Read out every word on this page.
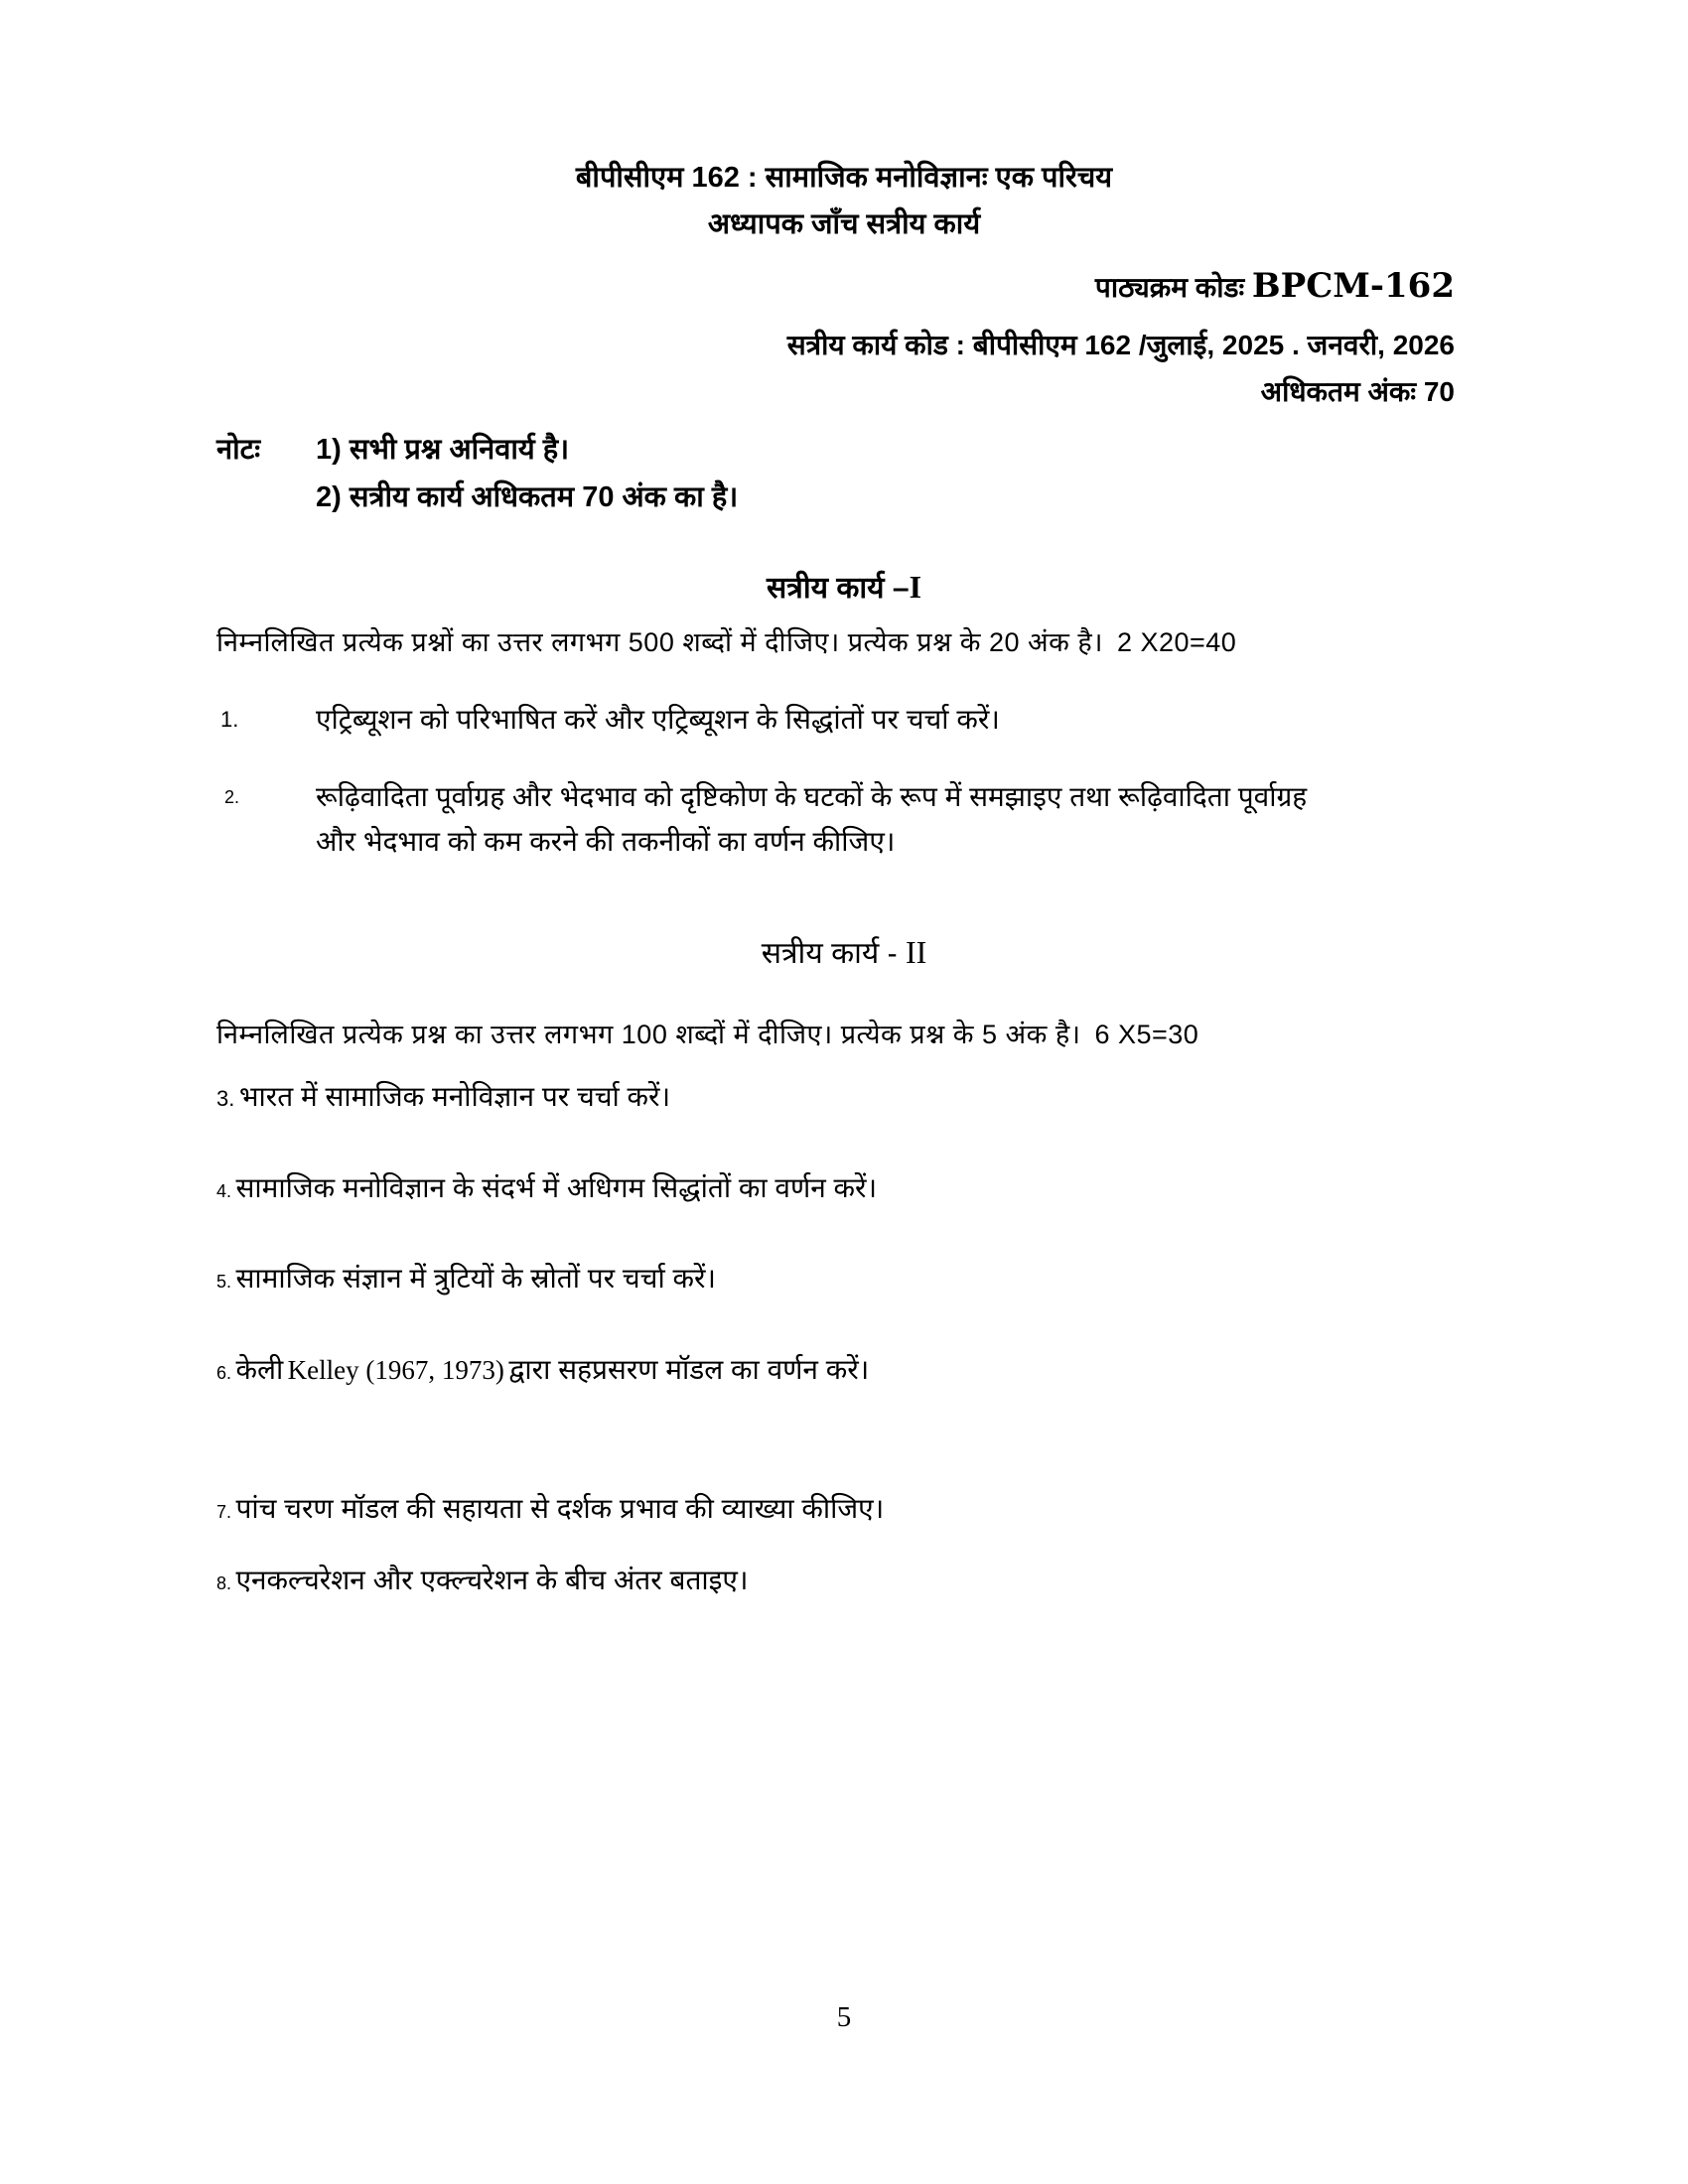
बीपीसीएम 162 : सामाजिक मनोविज्ञानः एक परिचय
अध्यापक जाँच सत्रीय कार्य
पाठ्यक्रम कोडः BPCM-162
सत्रीय कार्य कोड : बीपीसीएम 162 /जुलाई, 2025 . जनवरी, 2026
अधिकतम अंकः 70
नोटः 1) सभी प्रश्न अनिवार्य है।
2) सत्रीय कार्य अधिकतम 70 अंक का है।
सत्रीय कार्य –I
निम्नलिखित प्रत्येक प्रश्नों का उत्तर लगभग 500 शब्दों में दीजिए। प्रत्येक प्रश्न के 20 अंक है। 2 X20=40
1.	एट्रिब्यूशन को परिभाषित करें और एट्रिब्यूशन के सिद्धांतों पर चर्चा करें।
2.	रूढ़िवादिता पूर्वाग्रह और भेदभाव को दृष्टिकोण के घटकों के रूप में समझाइए तथा रूढ़िवादिता पूर्वाग्रह
और भेदभाव को कम करने की तकनीकों का वर्णन कीजिए।
सत्रीय कार्य - II
निम्नलिखित प्रत्येक प्रश्न का उत्तर लगभग 100 शब्दों में दीजिए। प्रत्येक प्रश्न के 5 अंक है। 6 X5=30
3. भारत में सामाजिक मनोविज्ञान पर चर्चा करें।
4. सामाजिक मनोविज्ञान के संदर्भ में अधिगम सिद्धांतों का वर्णन करें।
5. सामाजिक संज्ञान में त्रुटियों के स्रोतों पर चर्चा करें।
6. केली Kelley (1967, 1973) द्वारा सहप्रसरण मॉडल का वर्णन करें।
7. पांच चरण मॉडल की सहायता से दर्शक प्रभाव की व्याख्या कीजिए।
8. एनकल्चरेशन और एक्ल्चरेशन के बीच अंतर बताइए।
5
